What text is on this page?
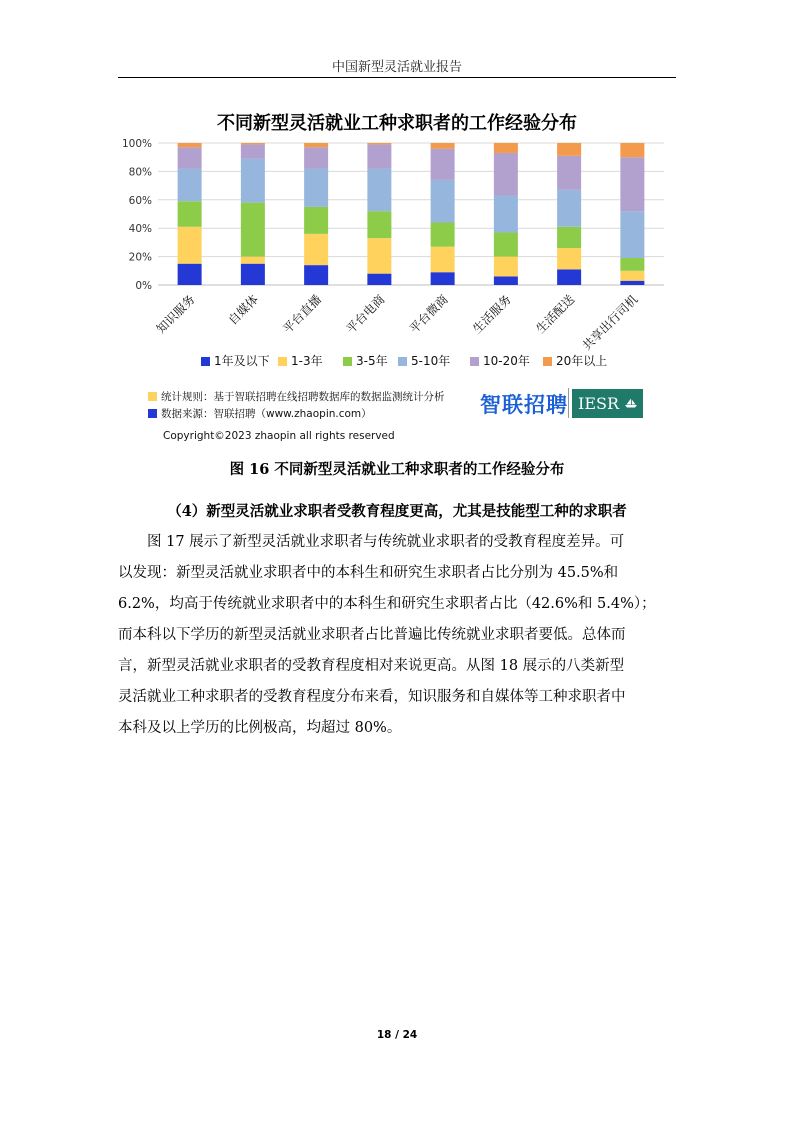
中国新型灵活就业报告
不同新型灵活就业工种求职者的工作经验分布
0%
20%
40%
60%
80%
100%
知识服务 自媒体 平台直播 平台电商 平台微商 生活服务 生活配送 共享出行司机
1年及以下 1-3年	3-5年 5-10年	10-20年 20年以上
统计规则：基于智联招聘在线招聘数据库的数据监测统计分析
数据来源：智联招聘（www.zhaopin.com）	智联招聘 IESR
Copyright©2023 zhaopin all rights reserved
图 16 不同新型灵活就业工种求职者的工作经验分布
（4）新型灵活就业求职者受教育程度更高，尤其是技能型工种的求职者
　　图 17 展示了新型灵活就业求职者与传统就业求职者的受教育程度差异。可
以发现：新型灵活就业求职者中的本科生和研究生求职者占比分别为 45.5%和
6.2%，均高于传统就业求职者中的本科生和研究生求职者占比（42.6%和 5.4%）；
而本科以下学历的新型灵活就业求职者占比普遍比传统就业求职者要低。总体而
言，新型灵活就业求职者的受教育程度相对来说更高。从图 18 展示的八类新型
灵活就业工种求职者的受教育程度分布来看，知识服务和自媒体等工种求职者中
本科及以上学历的比例极高，均超过 80%。
18 / 24
